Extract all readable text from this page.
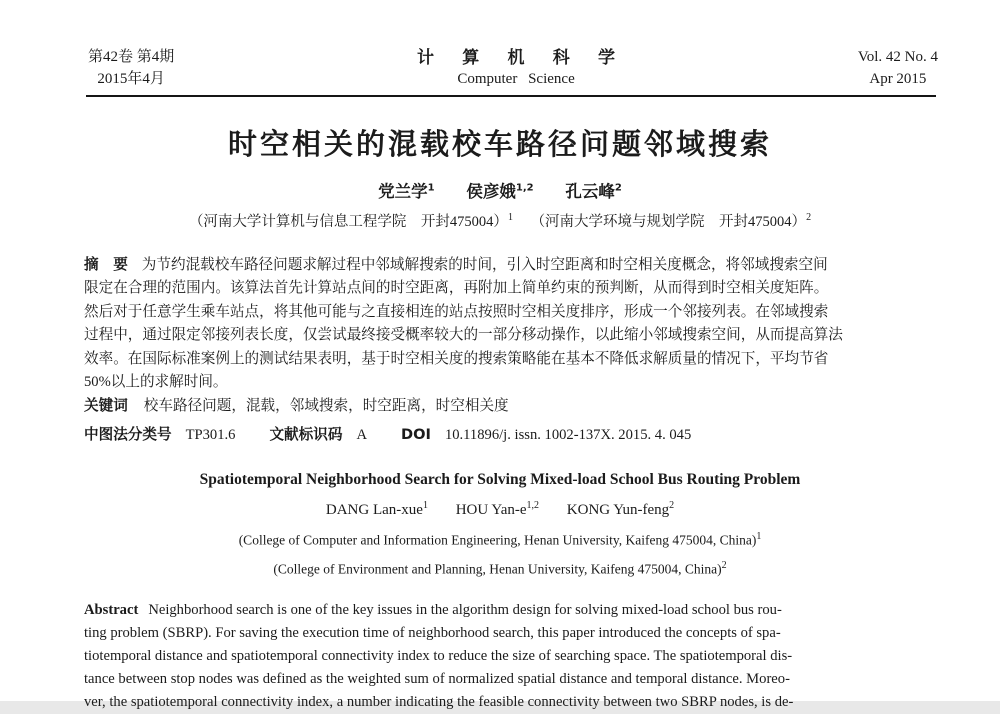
第42卷 第4期
2015年4月
计 算 机 科 学
Computer Science
Vol. 42 No. 4
Apr 2015
时空相关的混载校车路径问题邻域搜索
党兰学$^1$ 侯彦娥$^{1,2}$ 孔云峰$^2$
（河南大学计算机与信息工程学院　开封475004）$^1$ （河南大学环境与规划学院　开封475004）$^2$
摘　要 为节约混载校车路径问题求解过程中邻域解搜索的时间，引入时空距离和时空相关度概念，将邻域搜索空间
限定在合理的范围内。该算法首先计算站点间的时空距离，再附加上简单约束的预判断，从而得到时空相关度矩阵。
然后对于任意学生乘车站点，将其他可能与之直接相连的站点按照时空相关度排序，形成一个邻接列表。在邻域搜索
过程中，通过限定邻接列表长度，仅尝试最终接受概率较大的一部分移动操作，以此缩小邻域搜索空间，从而提高算法
效率。在国际标准案例上的测试结果表明，基于时空相关度的搜索策略能在基本不降低求解质量的情况下，平均节省
50%以上的求解时间。
关键词 校车路径问题，混载，邻域搜索，时空距离，时空相关度
中图法分类号 TP301.6 文献标识码 A DOI 10.11896/j. issn. 1002-137X. 2015. 4. 045
Spatiotemporal Neighborhood Search for Solving Mixed-load School Bus Routing Problem
DANG Lan-xue$^1$ HOU Yan-$e^{1,2}$ KONG Yun-feng$^2$
(College of Computer and Information Engineering, Henan University, Kaifeng 475004, China)$^1$
(College of Environment and Planning, Henan University, Kaifeng 475004, China)$^2$
Abstract Neighborhood search is one of the key issues in the algorithm design for solving mixed-load school bus rou-
ting problem (SBRP). For saving the execution time of neighborhood search, this paper introduced the concepts of spa-
tiotemporal distance and spatiotemporal connectivity index to reduce the size of searching space. The spatiotemporal dis-
tance between stop nodes was defined as the weighted sum of normalized spatial distance and temporal distance. Moreo-
ver, the spatiotemporal connectivity index, a number indicating the feasible connectivity between two SBRP nodes, is de-
